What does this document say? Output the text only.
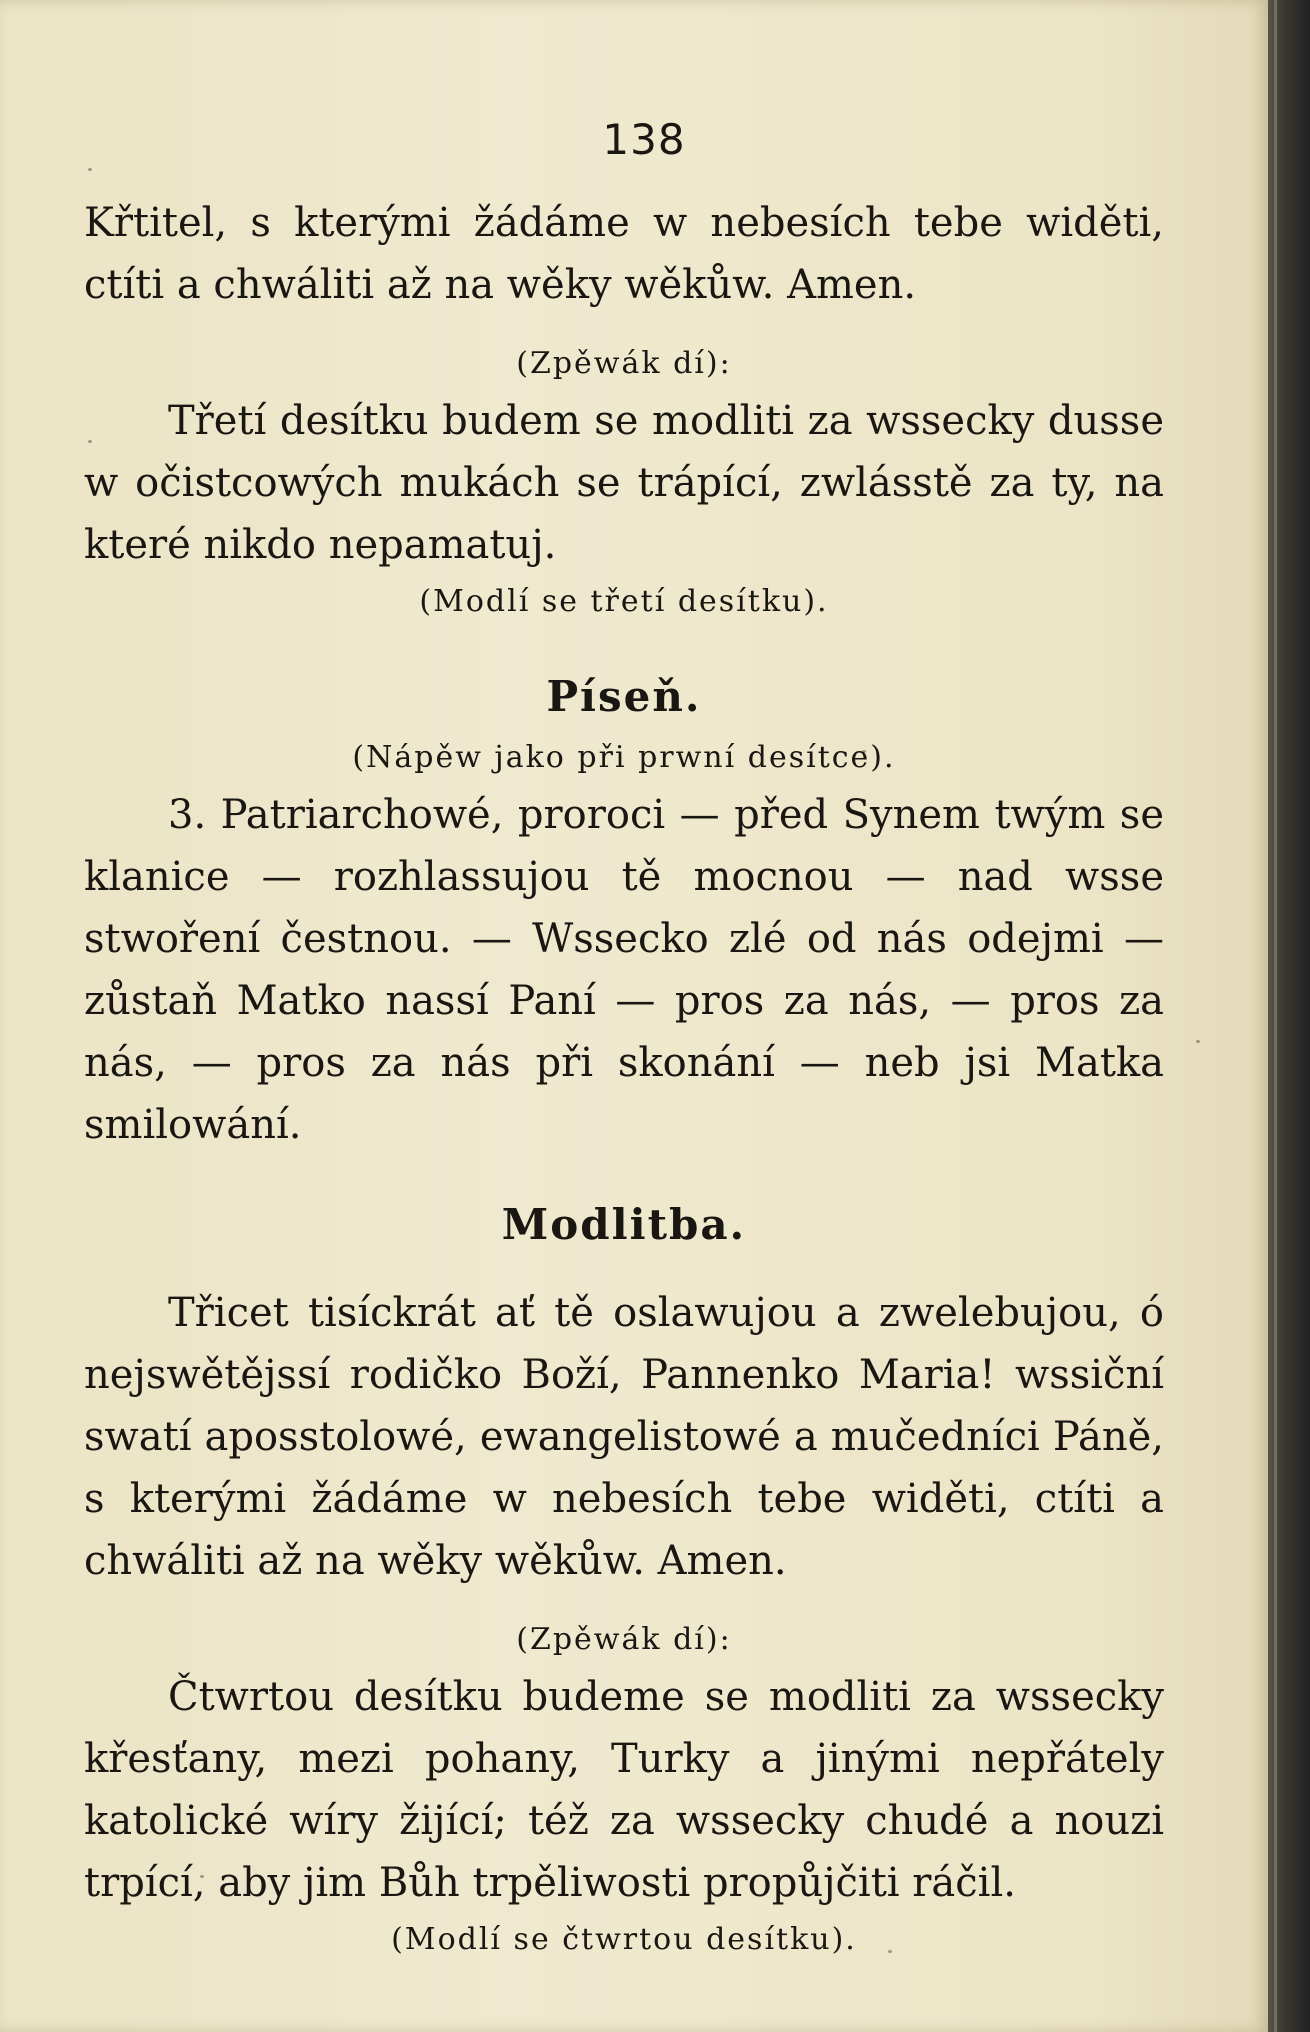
138

Křtitel, s kterými žádáme w nebesích tebe widěti, ctíti a chwáliti až na wěky wěkůw. Amen.

(Zpěwák dí):

Třetí desítku budem se modliti za wssecky dusse w očistcowých mukách se trápící, zwlásstě za ty, na které nikdo nepamatuj.

(Modlí se třetí desítku).
Píseň.
(Nápěw jako při prwní desítce).

3. Patriarchowé, proroci — před Synem twým se klanice — rozhlassujou tě mocnou — nad wsse stwoření čestnou. — Wssecko zlé od nás odejmi — zůstaň Matko nassí Paní — pros za nás, — pros za nás, — pros za nás při skonání — neb jsi Matka smilowání.

Modlitba.

Třicet tisíckrát ať tě oslawujou a zwelebujou, ó nejswětějssí rodičko Boží, Pannenko Maria! wssiční swatí aposstolowé, ewangelistowé a mučedníci Páně, s kterými žádáme w nebesích tebe widěti, ctíti a chwáliti až na wěky wěkůw. Amen.

(Zpěwák dí):

Čtwrtou desítku budeme se modliti za wssecky křesťany, mezi pohany, Turky a jinými nepřátely katolické wíry žijící; též za wssecky chudé a nouzi trpící, aby jim Bůh trpěliwosti propůjčiti ráčil.

(Modlí se čtwrtou desítku).
